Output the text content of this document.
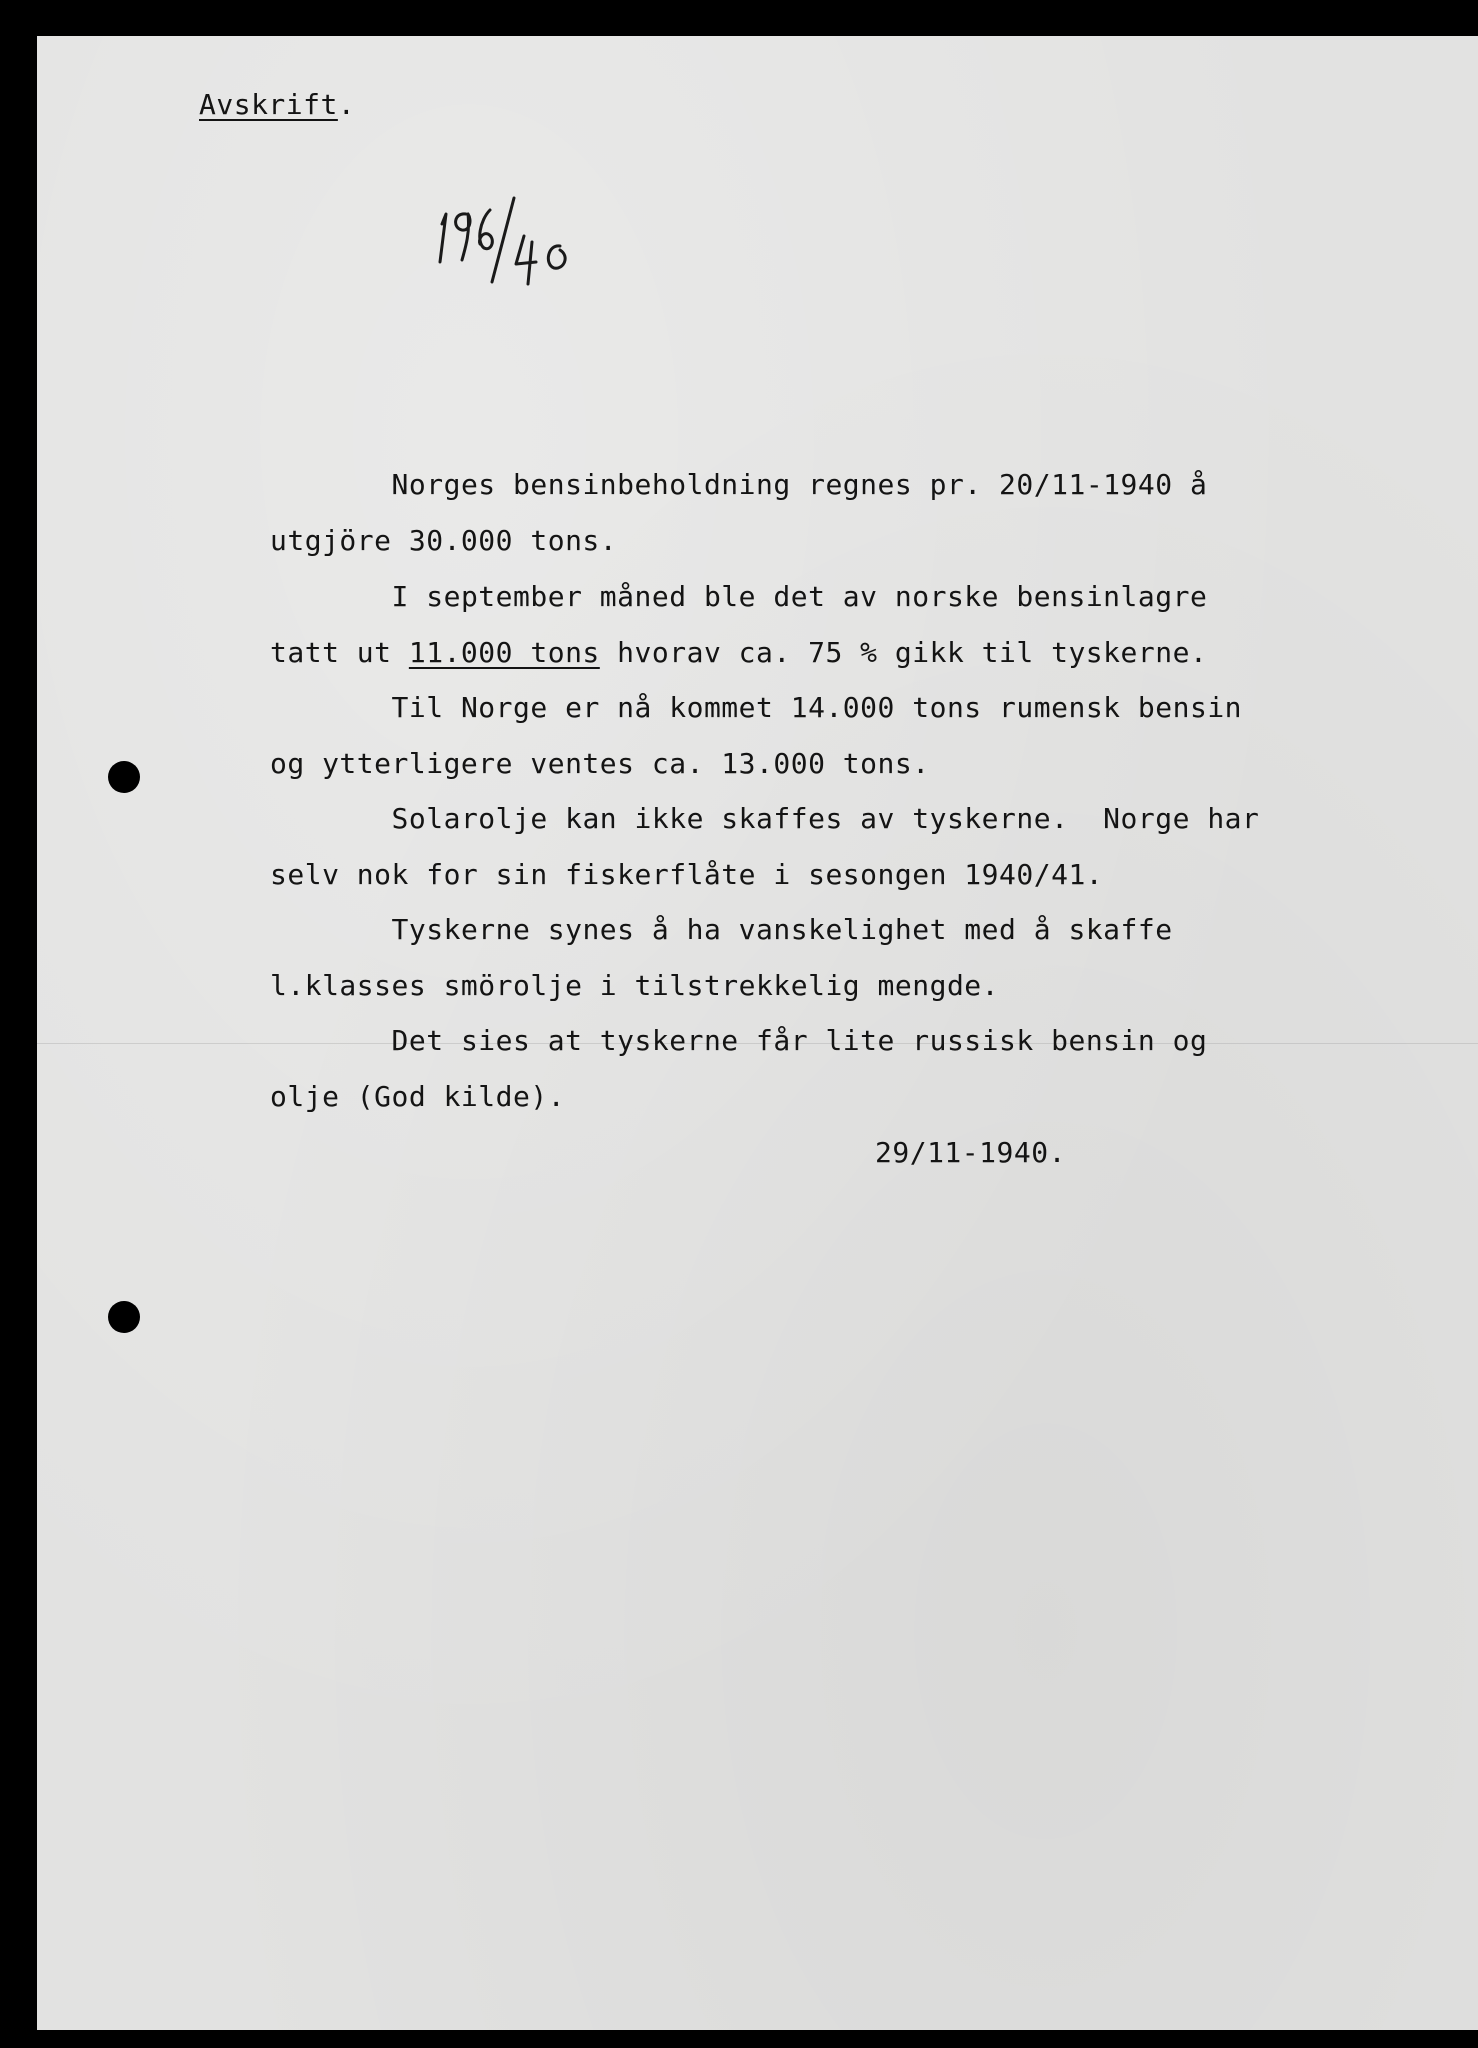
Avskrift.
Norges bensinbeholdning regnes pr. 20/11-1940 å
utgjöre 30.000 tons.
I september måned ble det av norske bensinlagre
tatt ut 11.000 tons hvorav ca. 75 % gikk til tyskerne.
Til Norge er nå kommet 14.000 tons rumensk bensin
og ytterligere ventes ca. 13.000 tons.
Solarolje kan ikke skaffes av tyskerne.  Norge har
selv nok for sin fiskerflåte i sesongen 1940/41.
Tyskerne synes å ha vanskelighet med å skaffe
l.klasses smörolje i tilstrekkelig mengde.
Det sies at tyskerne får lite russisk bensin og
olje (God kilde).
29/11-1940.
